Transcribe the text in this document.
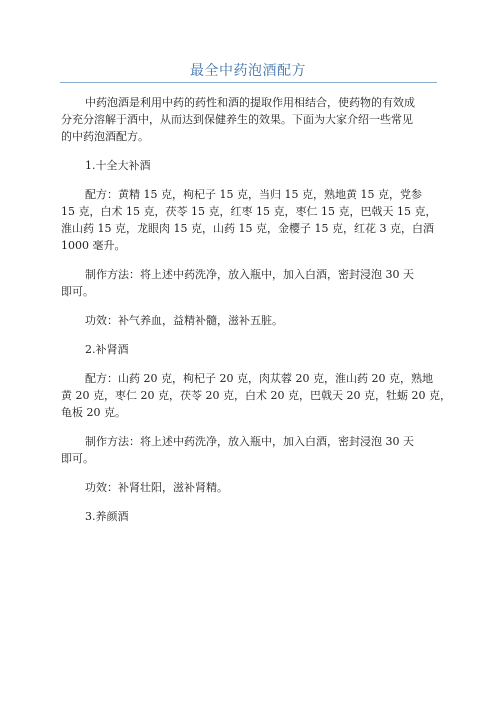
最全中药泡酒配方
中药泡酒是利用中药的药性和酒的提取作用相结合，使药物的有效成
分充分溶解于酒中，从而达到保健养生的效果。下面为大家介绍一些常见
的中药泡酒配方。
1.十全大补酒
配方：黄精 15 克，枸杞子 15 克，当归 15 克，熟地黄 15 克，党参
15 克，白术 15 克，茯苓 15 克，红枣 15 克，枣仁 15 克，巴戟天 15 克，
淮山药 15 克，龙眼肉 15 克，山药 15 克，金樱子 15 克，红花 3 克，白酒
1000 毫升。
制作方法：将上述中药洗净，放入瓶中，加入白酒，密封浸泡 30 天
即可。
功效：补气养血，益精补髓，滋补五脏。
2.补肾酒
配方：山药 20 克，枸杞子 20 克，肉苁蓉 20 克，淮山药 20 克，熟地
黄 20 克，枣仁 20 克，茯苓 20 克，白术 20 克，巴戟天 20 克，牡蛎 20 克，
龟板 20 克。
制作方法：将上述中药洗净，放入瓶中，加入白酒，密封浸泡 30 天
即可。
功效：补肾壮阳，滋补肾精。
3.养颜酒
